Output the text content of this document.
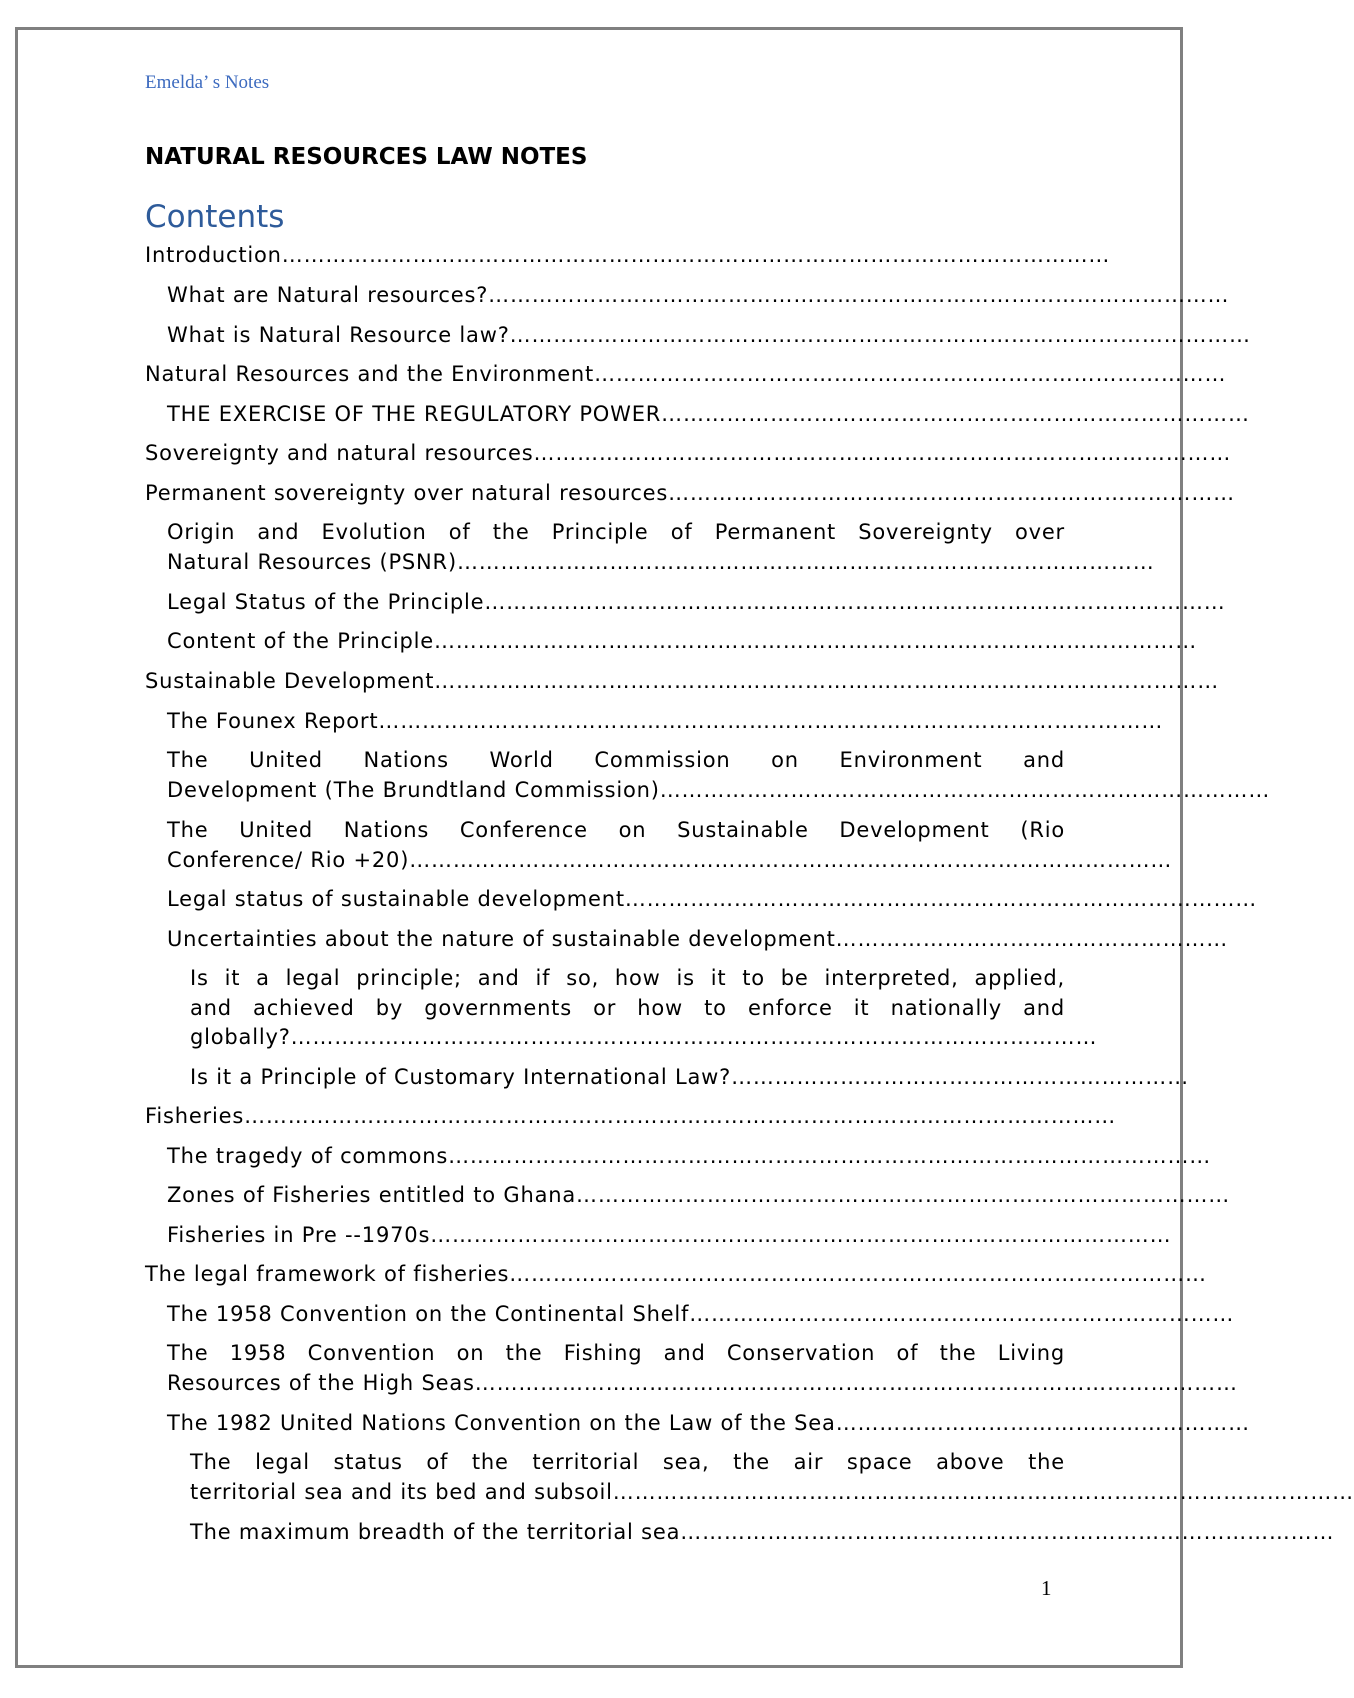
Emelda’ s Notes

NATURAL RESOURCES LAW NOTES

Contents

Introduction……………………………………………………………………………………………………
What are Natural resources?…………………………………………………………………………………………
What is Natural Resource law?…………………………………………………………………………………………
Natural Resources and the Environment……………………………………………………………………………
THE EXERCISE OF THE REGULATORY POWER………………………………………………………………………
Sovereignty and natural resources……………………………………………………………………………………
Permanent sovereignty over natural resources……………………………………………………………………
Origin and Evolution of the Principle of Permanent Sovereignty over
Natural Resources (PSNR)……………………………………………………………………………………
Legal Status of the Principle…………………………………………………………………………………………
Content of the Principle……………………………………………………………………………………………
Sustainable Development………………………………………………………………………………………………
The Founex Report………………………………………………………………………………………………
The United Nations World Commission on Environment and
Development (The Brundtland Commission)…………………………………………………………………………
The United Nations Conference on Sustainable Development (Rio
Conference/ Rio +20)……………………………………………………………………………………………
Legal status of sustainable development……………………………………………………………………………
Uncertainties about the nature of sustainable development………………………………………………
Is it a legal principle; and if so, how is it to be interpreted, applied,
and achieved by governments or how to enforce it nationally and
globally?…………………………………………………………………………………………………
Is it a Principle of Customary International Law?………………………………………………………
Fisheries…………………………………………………………………………………………………………
The tragedy of commons……………………………………………………………………………………………
Zones of Fisheries entitled to Ghana………………………………………………………………………………
Fisheries in Pre --1970s…………………………………………………………………………………………
The legal framework of fisheries……………………………………………………………………………………
The 1958 Convention on the Continental Shelf…………………………………………………………………
The 1958 Convention on the Fishing and Conservation of the Living
Resources of the High Seas……………………………………………………………………………………………
The 1982 United Nations Convention on the Law of the Sea…………………………………………………
The legal status of the territorial sea, the air space above the
territorial sea and its bed and subsoil…………………………………………………………………………………………
The maximum breadth of the territorial sea………………………………………………………………………………

1
